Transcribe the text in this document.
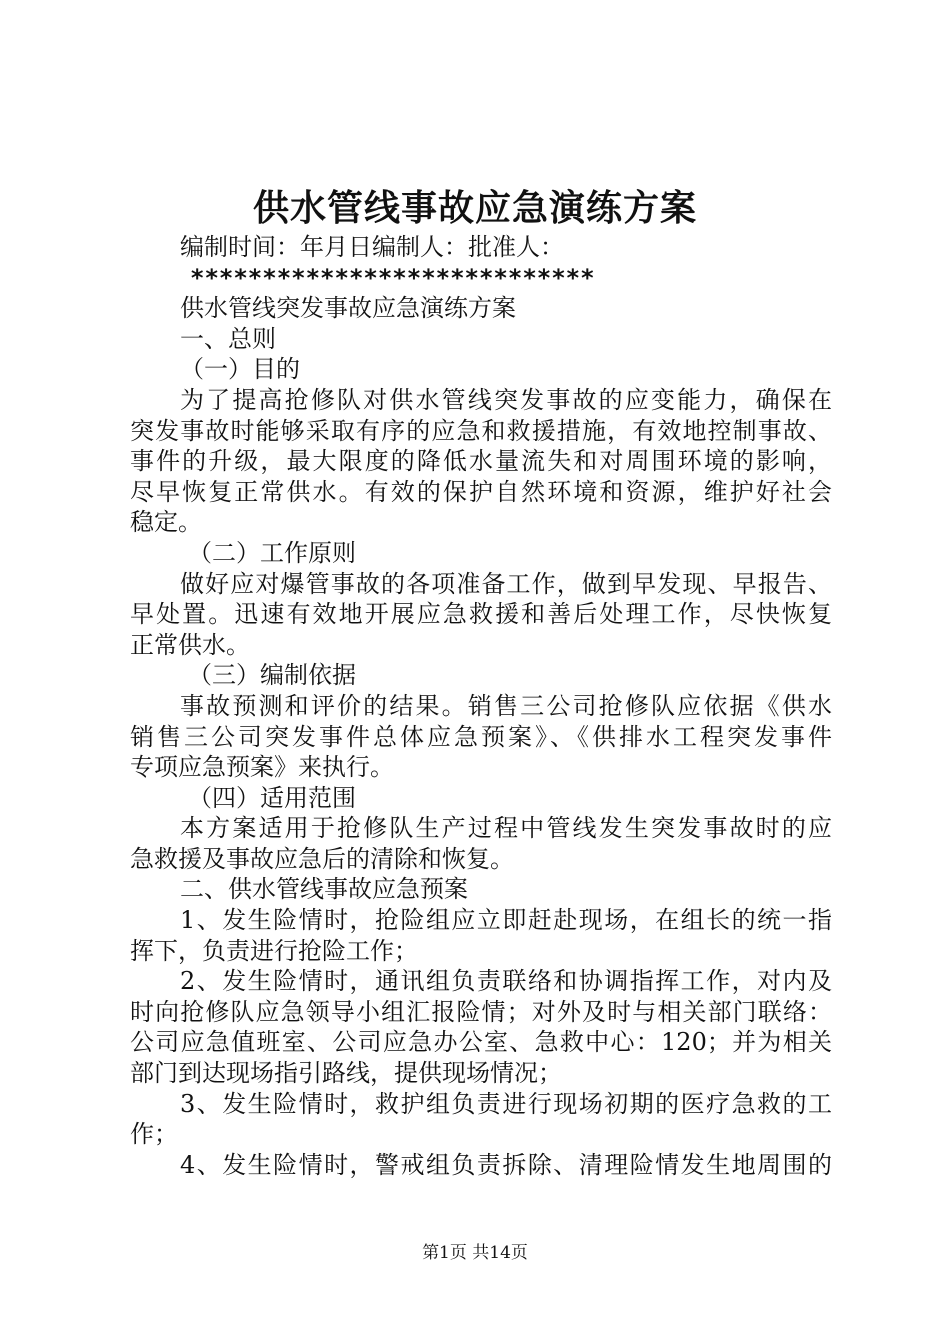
供水管线事故应急演练方案
编制时间：年月日编制人：批准人：
****************************
供水管线突发事故应急演练方案
一、总则
（一）目的
为了提高抢修队对供水管线突发事故的应变能力，确保在
突发事故时能够采取有序的应急和救援措施，有效地控制事故、
事件的升级，最大限度的降低水量流失和对周围环境的影响，
尽早恢复正常供水。有效的保护自然环境和资源，维护好社会
稳定。
（二）工作原则
做好应对爆管事故的各项准备工作，做到早发现、早报告、
早处置。迅速有效地开展应急救援和善后处理工作，尽快恢复
正常供水。
（三）编制依据
事故预测和评价的结果。销售三公司抢修队应依据《供水
销售三公司突发事件总体应急预案》、《供排水工程突发事件
专项应急预案》来执行。
（四）适用范围
本方案适用于抢修队生产过程中管线发生突发事故时的应
急救援及事故应急后的清除和恢复。
二、供水管线事故应急预案
1、发生险情时，抢险组应立即赶赴现场，在组长的统一指
挥下，负责进行抢险工作；
2、发生险情时，通讯组负责联络和协调指挥工作，对内及
时向抢修队应急领导小组汇报险情；对外及时与相关部门联络：
公司应急值班室、公司应急办公室、急救中心：120；并为相关
部门到达现场指引路线，提供现场情况；
3、发生险情时，救护组负责进行现场初期的医疗急救的工
作；
4、发生险情时，警戒组负责拆除、清理险情发生地周围的
第1页 共14页
